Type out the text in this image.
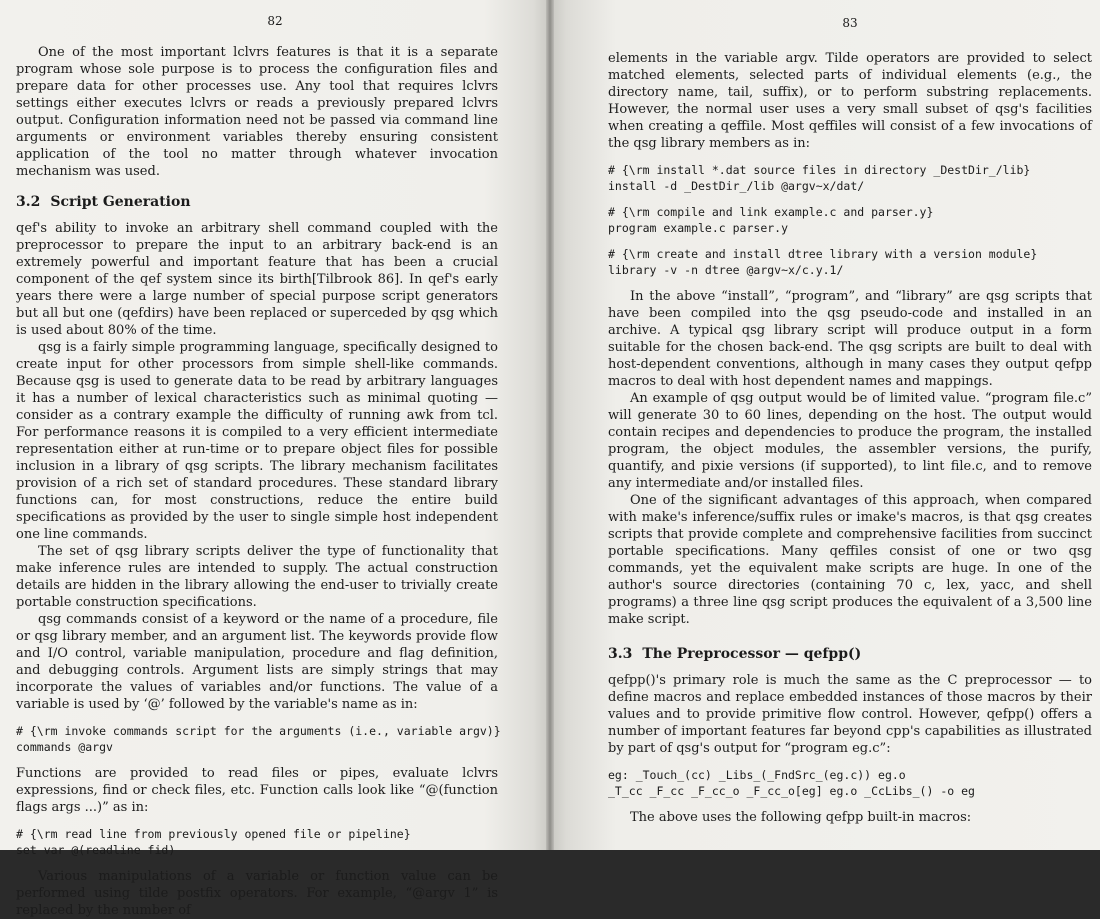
82

One of the most important lclvrs features is that it is a separate program whose sole purpose is to process the configuration files and prepare data for other processes use. Any tool that requires lclvrs settings either executes lclvrs or reads a previously prepared lclvrs output. Configuration information need not be passed via command line arguments or environment variables thereby ensuring consistent application of the tool no matter through whatever invocation mechanism was used.

3.2 Script Generation

qef's ability to invoke an arbitrary shell command coupled with the preprocessor to prepare the input to an arbitrary back-end is an extremely powerful and important feature that has been a crucial component of the qef system since its birth[Tilbrook 86]. In qef's early years there were a large number of special purpose script generators but all but one (qefdirs) have been replaced or superceded by qsg which is used about 80% of the time.

qsg is a fairly simple programming language, specifically designed to create input for other processors from simple shell-like commands. Because qsg is used to generate data to be read by arbitrary languages it has a number of lexical characteristics such as minimal quoting — consider as a contrary example the difficulty of running awk from tcl. For performance reasons it is compiled to a very efficient intermediate representation either at run-time or to prepare object files for possible inclusion in a library of qsg scripts. The library mechanism facilitates provision of a rich set of standard procedures. These standard library functions can, for most constructions, reduce the entire build specifications as provided by the user to single simple host independent one line commands.

The set of qsg library scripts deliver the type of functionality that make inference rules are intended to supply. The actual construction details are hidden in the library allowing the end-user to trivially create portable construction specifications.

qsg commands consist of a keyword or the name of a procedure, file or qsg library member, and an argument list. The keywords provide flow and I/O control, variable manipulation, procedure and flag definition, and debugging controls. Argument lists are simply strings that may incorporate the values of variables and/or functions. The value of a variable is used by ‘@’ followed by the variable's name as in:

# {\rm invoke commands script for the arguments (i.e., variable argv)}
commands @argv

Functions are provided to read files or pipes, evaluate lclvrs expressions, find or check files, etc. Function calls look like “@(function flags args ...)” as in:

# {\rm read line from previously opened file or pipeline}
set var @(readline fid)

Various manipulations of a variable or function value can be performed using tilde postfix operators. For example, “@argv 1” is replaced by the number of

83

elements in the variable argv. Tilde operators are provided to select matched elements, selected parts of individual elements (e.g., the directory name, tail, suffix), or to perform substring replacements. However, the normal user uses a very small subset of qsg's facilities when creating a qeffile. Most qeffiles will consist of a few invocations of the qsg library members as in:

# {\rm install *.dat source files in directory _DestDir_/lib}
install -d _DestDir_/lib @argv~x/dat/
# {\rm compile and link example.c and parser.y}
program example.c parser.y
# {\rm create and install dtree library with a version module}
library -v -n dtree @argv~x/c.y.1/

In the above “install”, “program”, and “library” are qsg scripts that have been compiled into the qsg pseudo-code and installed in an archive. A typical qsg library script will produce output in a form suitable for the chosen back-end. The qsg scripts are built to deal with host-dependent conventions, although in many cases they output qefpp macros to deal with host dependent names and mappings.

An example of qsg output would be of limited value. “program file.c” will generate 30 to 60 lines, depending on the host. The output would contain recipes and dependencies to produce the program, the installed program, the object modules, the assembler versions, the purify, quantify, and pixie versions (if supported), to lint file.c, and to remove any intermediate and/or installed files.

One of the significant advantages of this approach, when compared with make's inference/suffix rules or imake's macros, is that qsg creates scripts that provide complete and comprehensive facilities from succinct portable specifications. Many qeffiles consist of one or two qsg commands, yet the equivalent make scripts are huge. In one of the author's source directories (containing 70 c, lex, yacc, and shell programs) a three line qsg script produces the equivalent of a 3,500 line make script.

3.3 The Preprocessor — qefpp()

qefpp()'s primary role is much the same as the C preprocessor — to define macros and replace embedded instances of those macros by their values and to provide primitive flow control. However, qefpp() offers a number of important features far beyond cpp's capabilities as illustrated by part of qsg's output for “program eg.c”:

eg: _Touch_(cc) _Libs_(_FndSrc_(eg.c)) eg.o
_T_cc _F_cc _F_cc_o _F_cc_o[eg] eg.o _CcLibs_() -o eg

The above uses the following qefpp built-in macros:
